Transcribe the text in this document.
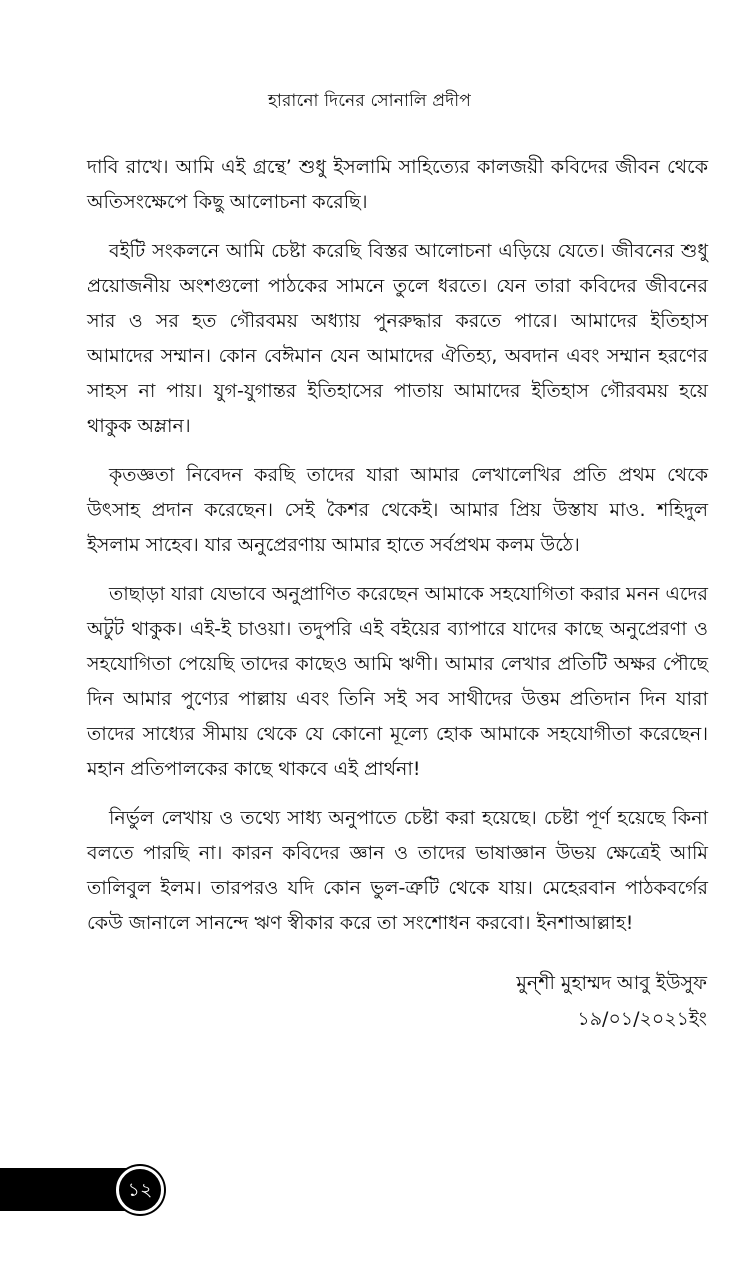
হারানো দিনের সোনালি প্রদীপ

দাবি রাখে। আমি এই গ্রন্থে’ শুধু ইসলামি সাহিত্যের কালজয়ী কবিদের জীবন থেকে অতিসংক্ষেপে কিছু আলোচনা করেছি।

বইটি সংকলনে আমি চেষ্টা করেছি বিস্তর আলোচনা এড়িয়ে যেতে। জীবনের শুধু প্রয়োজনীয় অংশগুলো পাঠকের সামনে তুলে ধরতে। যেন তারা কবিদের জীবনের সার ও সর হত গৌরবময় অধ্যায় পুনরুদ্ধার করতে পারে। আমাদের ইতিহাস আমাদের সম্মান। কোন বেঈমান যেন আমাদের ঐতিহ্য, অবদান এবং সম্মান হরণের সাহস না পায়। যুগ-যুগান্তর ইতিহাসের পাতায় আমাদের ইতিহাস গৌরবময় হয়ে থাকুক অম্লান।

কৃতজ্ঞতা নিবেদন করছি তাদের যারা আমার লেখালেখির প্রতি প্রথম থেকে উৎসাহ প্রদান করেছেন। সেই কৈশর থেকেই। আমার প্রিয় উস্তায মাও. শহিদুল ইসলাম সাহেব। যার অনুপ্রেরণায় আমার হাতে সর্বপ্রথম কলম উঠে।

তাছাড়া যারা যেভাবে অনুপ্রাণিত করেছেন আমাকে সহযোগিতা করার মনন এদের অটুট থাকুক। এই-ই চাওয়া। তদুপরি এই বইয়ের ব্যাপারে যাদের কাছে অনুপ্রেরণা ও সহযোগিতা পেয়েছি তাদের কাছেও আমি ঋণী। আমার লেখার প্রতিটি অক্ষর পৌছে দিন আমার পুণ্যের পাল্লায় এবং তিনি সই সব সাথীদের উত্তম প্রতিদান দিন যারা তাদের সাধ্যের সীমায় থেকে যে কোনো মূল্যে হোক আমাকে সহযোগীতা করেছেন। মহান প্রতিপালকের কাছে থাকবে এই প্রার্থনা!

নির্ভুল লেখায় ও তথ্যে সাধ্য অনুপাতে চেষ্টা করা হয়েছে। চেষ্টা পূর্ণ হয়েছে কিনা বলতে পারছি না। কারন কবিদের জ্ঞান ও তাদের ভাষাজ্ঞান উভয় ক্ষেত্রেই আমি তালিবুল ইলম। তারপরও যদি কোন ভুল-ত্রুটি থেকে যায়। মেহেরবান পাঠকবর্গের কেউ জানালে সানন্দে ঋণ স্বীকার করে তা সংশোধন করবো। ইনশাআল্লাহ!

মুন্‌শী মুহাম্মদ আবু ইউসুফ
১৯/০১/২০২১ইং
১২
